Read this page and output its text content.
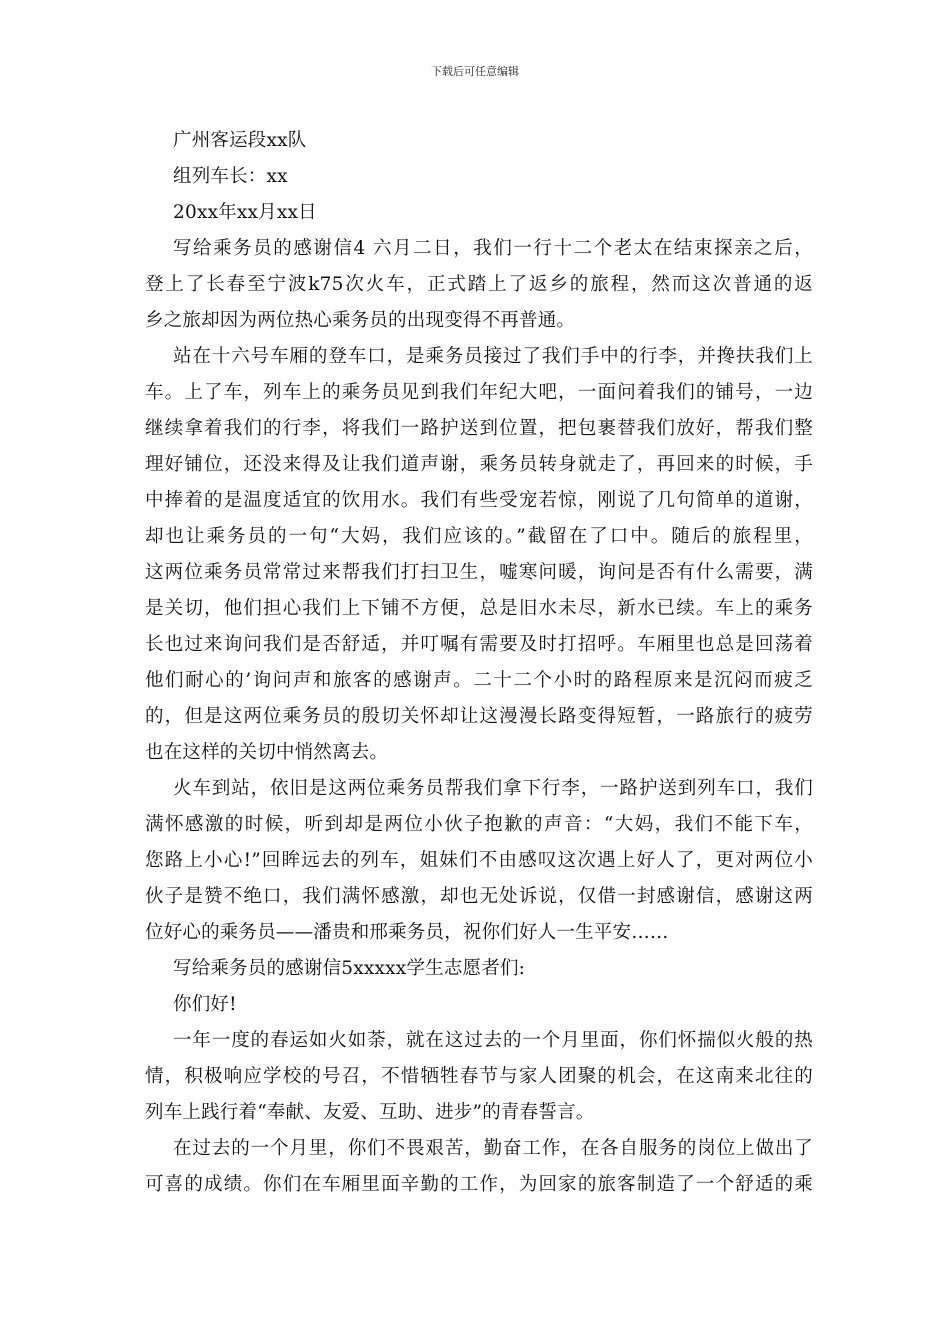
下载后可任意编辑
广州客运段xx队
组列车长：xx
20xx年xx月xx日
写给乘务员的感谢信4 六月二日，我们一行十二个老太在结束探亲之后，
登上了长春至宁波k75次火车，正式踏上了返乡的旅程，然而这次普通的返
乡之旅却因为两位热心乘务员的出现变得不再普通。
站在十六号车厢的登车口，是乘务员接过了我们手中的行李，并搀扶我们上
车。上了车，列车上的乘务员见到我们年纪大吧，一面问着我们的铺号，一边
继续拿着我们的行李，将我们一路护送到位置，把包裹替我们放好，帮我们整
理好铺位，还没来得及让我们道声谢，乘务员转身就走了，再回来的时候，手
中捧着的是温度适宜的饮用水。我们有些受宠若惊，刚说了几句简单的道谢，
却也让乘务员的一句“大妈，我们应该的。”截留在了口中。随后的旅程里，
这两位乘务员常常过来帮我们打扫卫生，嘘寒问暖，询问是否有什么需要，满
是关切，他们担心我们上下铺不方便，总是旧水未尽，新水已续。车上的乘务
长也过来询问我们是否舒适，并叮嘱有需要及时打招呼。车厢里也总是回荡着
他们耐心的’询问声和旅客的感谢声。二十二个小时的路程原来是沉闷而疲乏
的，但是这两位乘务员的殷切关怀却让这漫漫长路变得短暂，一路旅行的疲劳
也在这样的关切中悄然离去。
火车到站，依旧是这两位乘务员帮我们拿下行李，一路护送到列车口，我们
满怀感激的时候，听到却是两位小伙子抱歉的声音：“大妈，我们不能下车，
您路上小心!”回眸远去的列车，姐妹们不由感叹这次遇上好人了，更对两位小
伙子是赞不绝口，我们满怀感激，却也无处诉说，仅借一封感谢信，感谢这两
位好心的乘务员——潘贵和邢乘务员，祝你们好人一生平安……
写给乘务员的感谢信5xxxxx学生志愿者们:
你们好!
一年一度的春运如火如荼，就在这过去的一个月里面，你们怀揣似火般的热
情，积极响应学校的号召，不惜牺牲春节与家人团聚的机会，在这南来北往的
列车上践行着“奉献、友爱、互助、进步”的青春誓言。
在过去的一个月里，你们不畏艰苦，勤奋工作，在各自服务的岗位上做出了
可喜的成绩。你们在车厢里面辛勤的工作，为回家的旅客制造了一个舒适的乘
